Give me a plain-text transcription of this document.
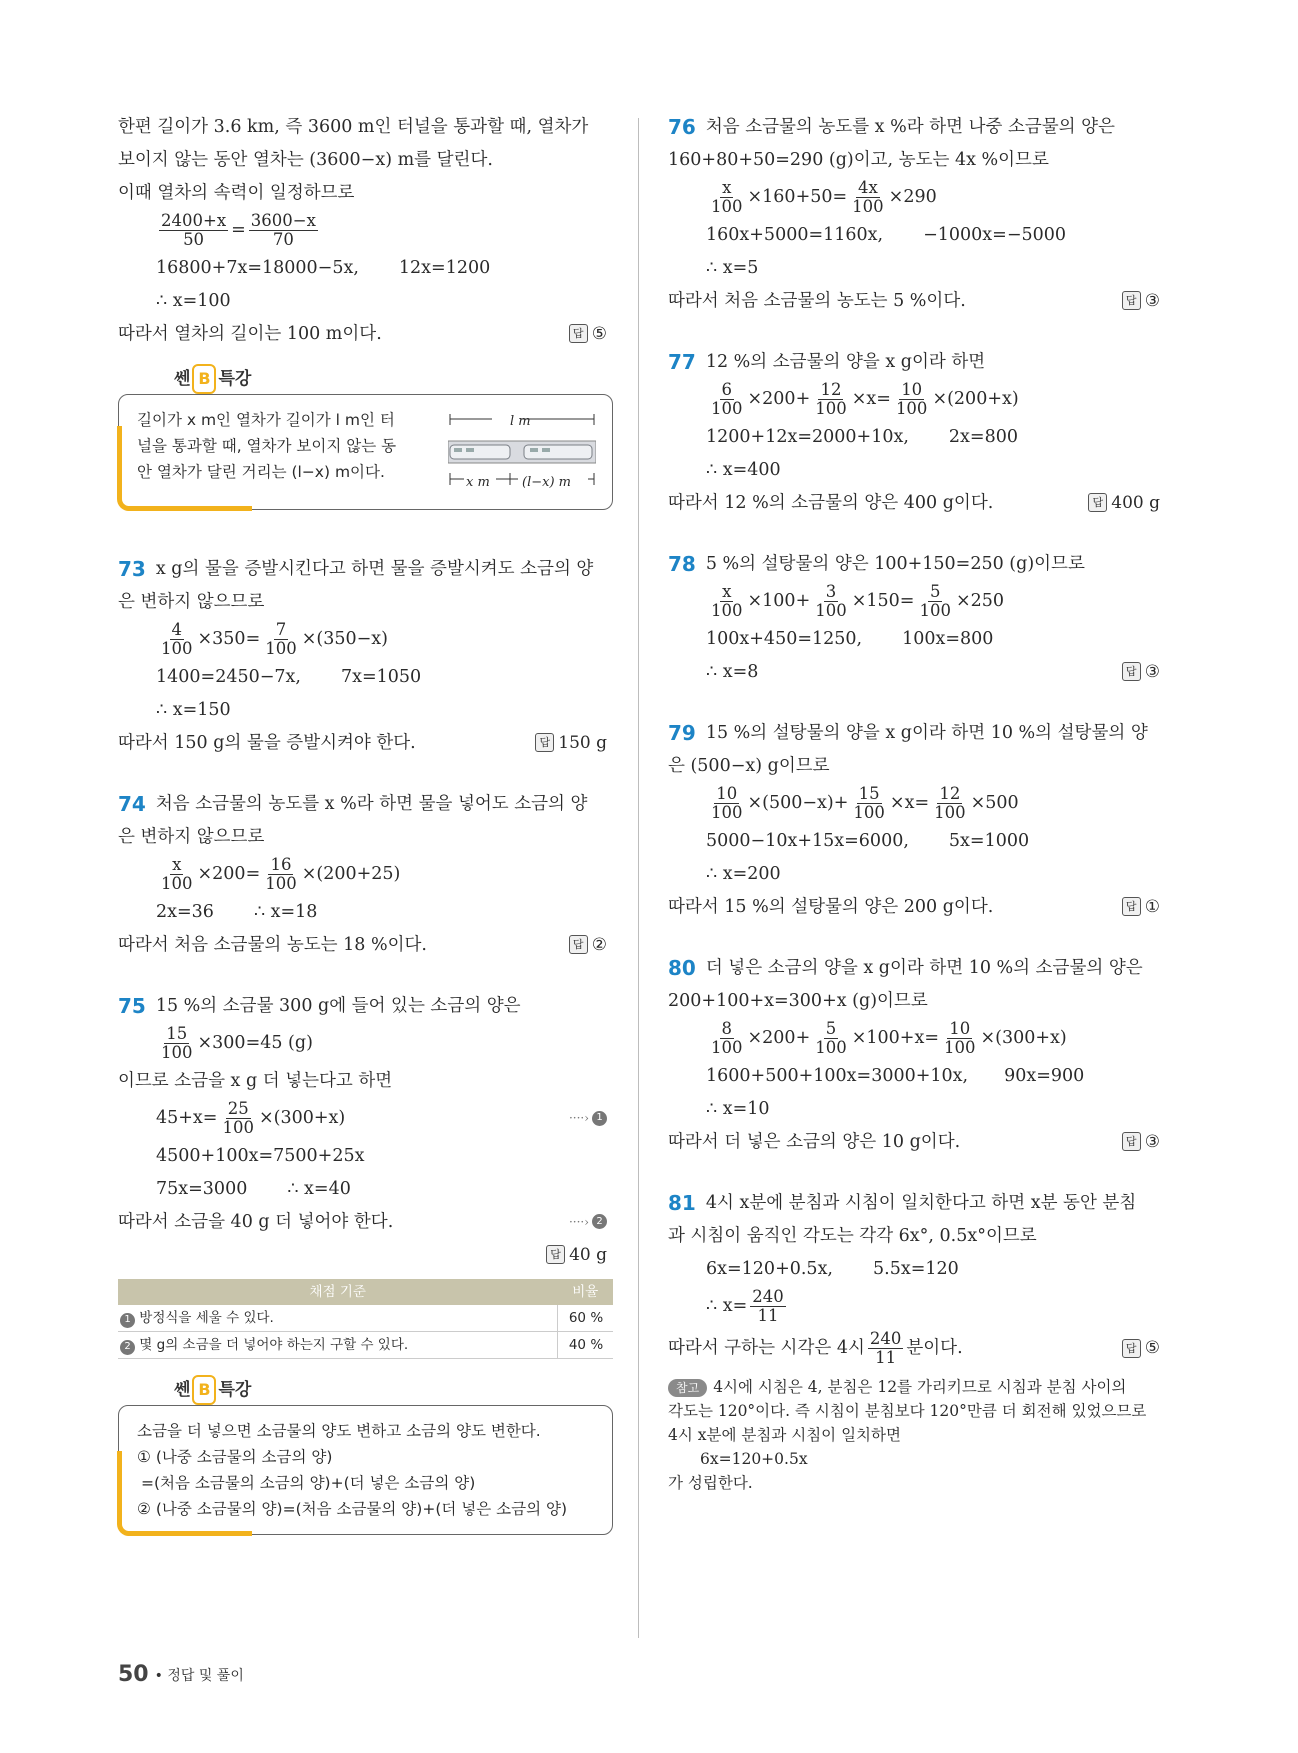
한편 길이가 3.6 km, 즉 3600 m인 터널을 통과할 때, 열차가
보이지 않는 동안 열차는 (3600−x) m를 달린다.
이때 열차의 속력이 일정하므로
$\frac{2400+x}{50} = \frac{3600-x}{70}$
16800+7x=18000−5x, 12x=1200
∴ x=100
따라서 열차의 길이는 100 m이다.	답 ⑤
쎈 B 특강
길이가 x m인 열차가 길이가 l m인 터
널을 통과할 때, 열차가 보이지 않는 동
안 열차가 달린 거리는 (l−x) m이다.
l m
x m (l−x) m
73 x g의 물을 증발시킨다고 하면 물을 증발시켜도 소금의 양
은 변하지 않으므로
$\frac{4}{100} \times 350= \frac{7}{100} \times(350-x)$
1400=2450−7x, 7x=1050
∴ x=150
따라서 150 g의 물을 증발시켜야 한다.	답 150 g
74 처음 소금물의 농도를 x %라 하면 물을 넣어도 소금의 양
은 변하지 않으므로
$\frac{x}{100} \times 200= \frac{16}{100} \times(200+25)$
2x=36 ∴ x=18
따라서 처음 소금물의 농도는 18 %이다.	답 ②
75 15 %의 소금물 300 g에 들어 있는 소금의 양은
$\frac{15}{100} \times 300=45$ (g)
이므로 소금을 x g 더 넣는다고 하면
$45+x= \frac{25}{100} \times(300+x)$	····› 1
4500+100x=7500+25x
75x=3000 ∴ x=40
따라서 소금을 40 g 더 넣어야 한다.	····› 2
답 40 g
채점 기준	비율
1 방정식을 세울 수 있다.	60 %
2 몇 g의 소금을 더 넣어야 하는지 구할 수 있다.	40 %
쎈 B 특강
소금을 더 넣으면 소금물의 양도 변하고 소금의 양도 변한다.
① (나중 소금물의 소금의 양)
=(처음 소금물의 소금의 양)+(더 넣은 소금의 양)
② (나중 소금물의 양)=(처음 소금물의 양)+(더 넣은 소금의 양)
76 처음 소금물의 농도를 x %라 하면 나중 소금물의 양은
160+80+50=290 (g)이고, 농도는 4x %이므로
$\frac{x}{100} \times 160+50= \frac{4x}{100} \times 290$
160x+5000=1160x, −1000x=−5000
∴ x=5
따라서 처음 소금물의 농도는 5 %이다.	답 ③
77 12 %의 소금물의 양을 x g이라 하면
$\frac{6}{100} \times 200+ \frac{12}{100} \times x= \frac{10}{100} \times(200+x)$
1200+12x=2000+10x, 2x=800
∴ x=400
따라서 12 %의 소금물의 양은 400 g이다.	답 400 g
78 5 %의 설탕물의 양은 100+150=250 (g)이므로
$\frac{x}{100} \times 100+ \frac{3}{100} \times 150= \frac{5}{100} \times 250$
100x+450=1250, 100x=800
∴ x=8	답 ③
79 15 %의 설탕물의 양을 x g이라 하면 10 %의 설탕물의 양
은 (500−x) g이므로
$\frac{10}{100} \times(500-x)+ \frac{15}{100} \times x= \frac{12}{100} \times 500$
5000−10x+15x=6000, 5x=1000
∴ x=200
따라서 15 %의 설탕물의 양은 200 g이다.	답 ①
80 더 넣은 소금의 양을 x g이라 하면 10 %의 소금물의 양은
200+100+x=300+x (g)이므로
$\frac{8}{100} \times 200+ \frac{5}{100} \times 100+x= \frac{10}{100} \times(300+x)$
1600+500+100x=3000+10x, 90x=900
∴ x=10
따라서 더 넣은 소금의 양은 10 g이다.	답 ③
81 4시 x분에 분침과 시침이 일치한다고 하면 x분 동안 분침
과 시침이 움직인 각도는 각각 6x°, 0.5x°이므로
6x=120+0.5x, 5.5x=120
∴ $x= \frac{240}{11}$
따라서 구하는 시각은 4시 $\frac{240}{11}$ 분이다.	답 ⑤
참고 4시에 시침은 4, 분침은 12를 가리키므로 시침과 분침 사이의
각도는 120°이다. 즉 시침이 분침보다 120°만큼 더 회전해 있었으므로
4시 x분에 분침과 시침이 일치하면
6x=120+0.5x
가 성립한다.
50 • 정답 및 풀이
